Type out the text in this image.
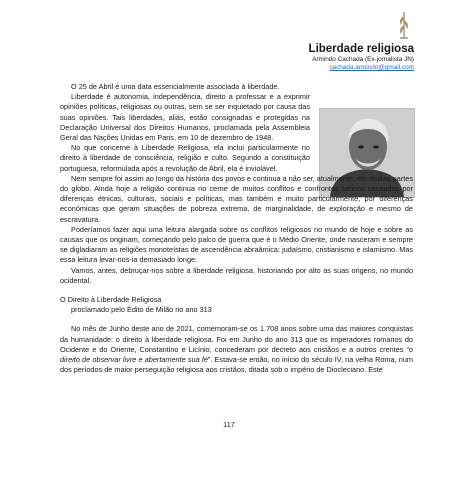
Liberdade religiosa
Armindo Cachada (Ex-jornalista JN)
cachada.armindo@gmail.com

O 25 de Abril é uma data essencialmente associada à liberdade.

Liberdade é autonomia, independência, direito a professar e a exprimir opiniões políticas, religiosas ou outras, sem se ser inquietado por causa das suas opiniões. Tais liberdades, aliás, estão consignadas e protegidas na Declaração Universal dos Direitos Humanos, proclamada pela Assembleia Geral das Nações Unidas em Paris, em 10 de dezembro de 1948.

No que concerne à Liberdade Religiosa, ela inclui particularmente no direito à liberdade de consciência, religião e culto. Segundo a constituição portuguesa, reformulada após a revolução de Abril, ela é inviolável.

Nem sempre foi assim ao longo da história dos povos e continua a não ser, atualmente, em muitas partes do globo. Ainda hoje a religião continua no cerne de muitos conflitos e confrontos bélicos causados por diferenças étnicas, culturais, sociais e políticas, mas também e muito particularmente, por diferenças económicas que geram situações de pobreza extrema, de marginalidade, de exploração e mesmo de escravatura.

Poderíamos fazer aqui uma leitura alargada sobre os conflitos religiosos no mundo de hoje e sobre as causas que os originam, começando pelo palco de guerra que é o Médio Oriente, onde nasceram e sempre se digladiaram as religiões monoteístas de ascendência abraâmica: judaísmo, cristianismo e islamismo. Mas essa leitura levar-nos-ia demasiado longe.

Vamos, antes, debruçar-nos sobre a liberdade religiosa, historiando por alto as suas origens, no mundo ocidental.

O Direito à Liberdade Religiosa

proclamado pelo Édito de Milão no ano 313

No mês de Junho deste ano de 2021, comemoram-se os 1.708 anos sobre uma das maiores conquistas da humanidade: o direito à liberdade religiosa. Foi em Junho do ano 313 que os imperadores romanos do Ocidente e do Oriente, Constantino e Licínio, concederam por decreto aos cristãos e a outros crentes “o direito de observar livre e abertamente sua fé”. Estava-se então, no início do século IV, na velha Roma, num dos períodos de maior perseguição religiosa aos cristãos, ditada sob o império de Diocleciano. Este

117
